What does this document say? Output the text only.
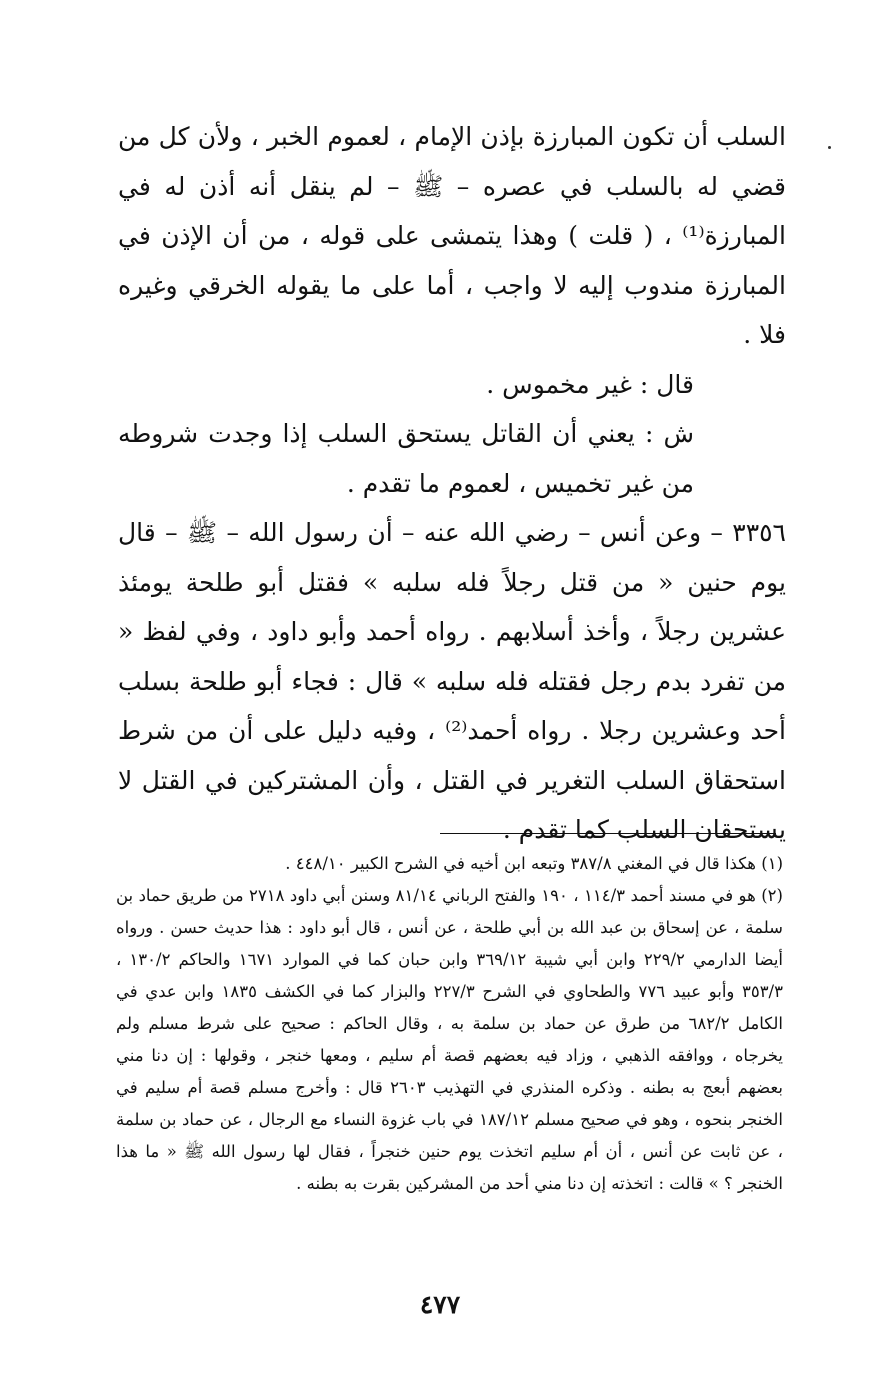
السلب أن تكون المبارزة بإذن الإمام ، لعموم الخبر ، ولأن كل من قضي له بالسلب في عصره – ﷺ – لم ينقل أنه أذن له في المبارزة⁽¹⁾ ، ( قلت ) وهذا يتمشى على قوله ، من أن الإذن في المبارزة مندوب إليه لا واجب ، أما على ما يقوله الخرقي وغيره فلا .

قال : غير مخموس .

ش : يعني أن القاتل يستحق السلب إذا وجدت شروطه من غير تخميس ، لعموم ما تقدم .

٣٣٥٦ – وعن أنس – رضي الله عنه – أن رسول الله – ﷺ – قال يوم حنين « من قتل رجلاً فله سلبه » فقتل أبو طلحة يومئذ عشرين رجلاً ، وأخذ أسلابهم . رواه أحمد وأبو داود ، وفي لفظ « من تفرد بدم رجل فقتله فله سلبه » قال : فجاء أبو طلحة بسلب أحد وعشرين رجلا . رواه أحمد⁽²⁾ ، وفيه دليل على أن من شرط استحقاق السلب التغرير في القتل ، وأن المشتركين في القتل لا يستحقان السلب كما تقدم .

(١) هكذا قال في المغني ٣٨٧/٨ وتبعه ابن أخيه في الشرح الكبير ٤٤٨/١٠ .

(٢) هو في مسند أحمد ١١٤/٣ ، ١٩٠ والفتح الرباني ٨١/١٤ وسنن أبي داود ٢٧١٨ من طريق حماد بن سلمة ، عن إسحاق بن عبد الله بن أبي طلحة ، عن أنس ، قال أبو داود : هذا حديث حسن . ورواه أيضا الدارمي ٢٢٩/٢ وابن أبي شيبة ٣٦٩/١٢ وابن حبان كما في الموارد ١٦٧١ والحاكم ١٣٠/٢ ، ٣٥٣/٣ وأبو عبيد ٧٧٦ والطحاوي في الشرح ٢٢٧/٣ والبزار كما في الكشف ١٨٣٥ وابن عدي في الكامل ٦٨٢/٢ من طرق عن حماد بن سلمة به ، وقال الحاكم : صحيح على شرط مسلم ولم يخرجاه ، ووافقه الذهبي ، وزاد فيه بعضهم قصة أم سليم ، ومعها خنجر ، وقولها : إن دنا مني بعضهم أبعج به بطنه . وذكره المنذري في التهذيب ٢٦٠٣ قال : وأخرج مسلم قصة أم سليم في الخنجر بنحوه ، وهو في صحيح مسلم ١٨٧/١٢ في باب غزوة النساء مع الرجال ، عن حماد بن سلمة ، عن ثابت عن أنس ، أن أم سليم اتخذت يوم حنين خنجراً ، فقال لها رسول الله ﷺ « ما هذا الخنجر ؟ » قالت : اتخذته إن دنا مني أحد من المشركين بقرت به بطنه .

٤٧٧
